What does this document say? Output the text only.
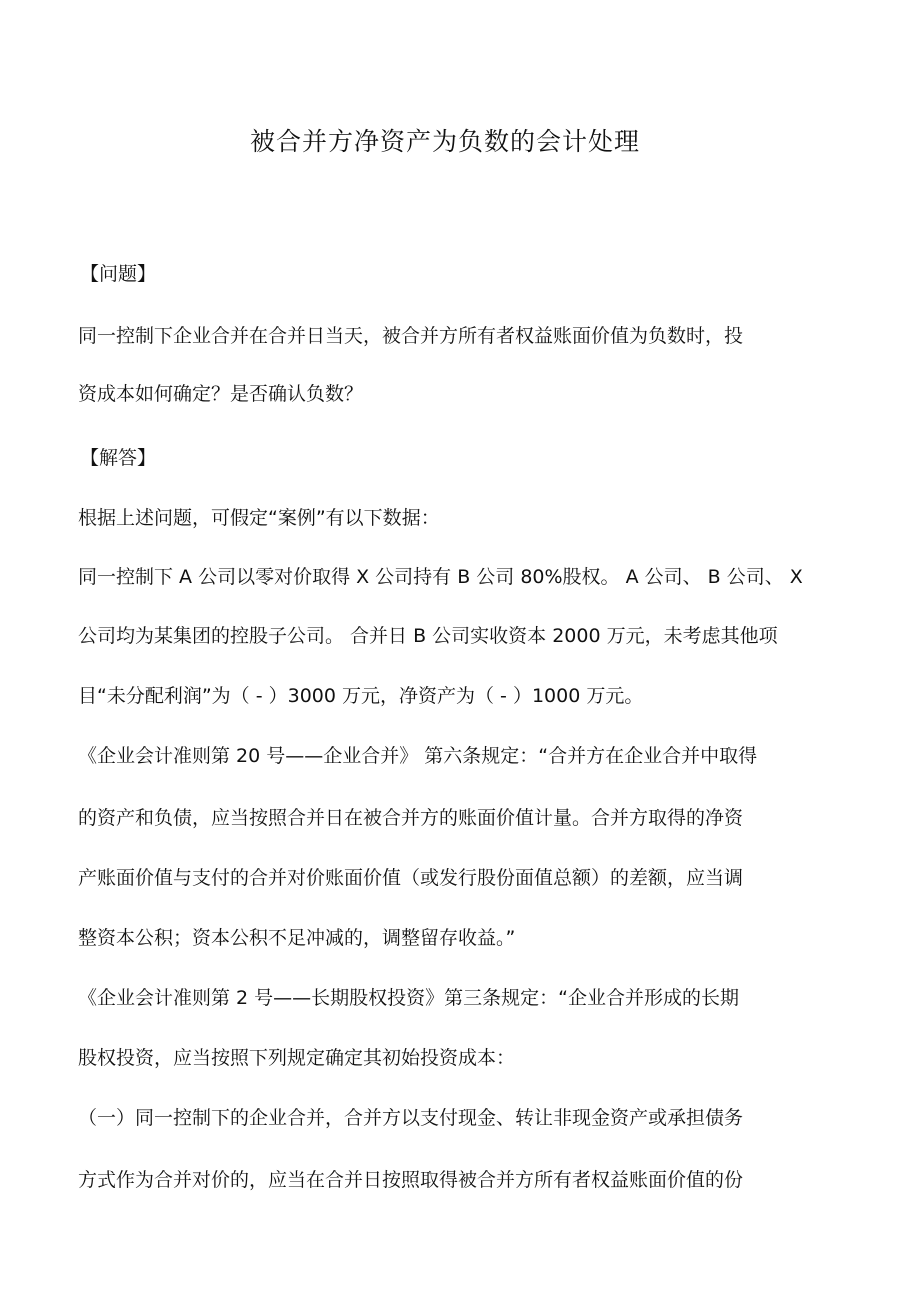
被合并方净资产为负数的会计处理
【问题】
同一控制下企业合并在合并日当天，被合并方所有者权益账面价值为负数时，投
资成本如何确定？是否确认负数？
【解答】
根据上述问题，可假定“案例”有以下数据：
同一控制下 A 公司以零对价取得 X 公司持有 B 公司 80%股权。 A 公司、 B 公司、 X
公司均为某集团的控股子公司。 合并日 B 公司实收资本 2000 万元，未考虑其他项
目“未分配利润”为（ - ）3000 万元，净资产为（ - ）1000 万元。
《企业会计准则第 20 号——企业合并》 第六条规定：“合并方在企业合并中取得
的资产和负债，应当按照合并日在被合并方的账面价值计量。合并方取得的净资
产账面价值与支付的合并对价账面价值（或发行股份面值总额）的差额，应当调
整资本公积；资本公积不足冲减的，调整留存收益。”
《企业会计准则第 2 号——长期股权投资》第三条规定：“企业合并形成的长期
股权投资，应当按照下列规定确定其初始投资成本：
（一）同一控制下的企业合并，合并方以支付现金、转让非现金资产或承担债务
方式作为合并对价的，应当在合并日按照取得被合并方所有者权益账面价值的份
